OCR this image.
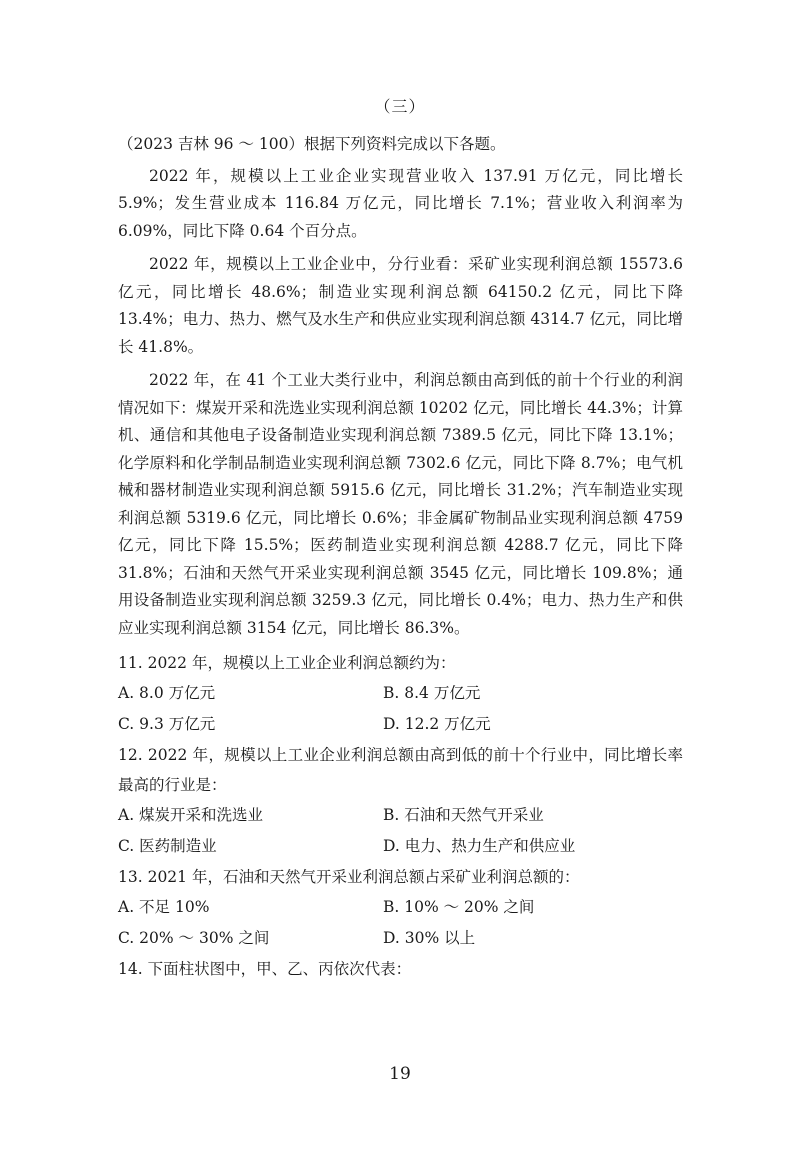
（三）

（2023 吉林 96 ～ 100）根据下列资料完成以下各题。

2022 年，规模以上工业企业实现营业收入 137.91 万亿元，同比增长 5.9%；发生营业成本 116.84 万亿元，同比增长 7.1%；营业收入利润率为 6.09%，同比下降 0.64 个百分点。

2022 年，规模以上工业企业中，分行业看：采矿业实现利润总额 15573.6 亿元，同比增长 48.6%；制造业实现利润总额 64150.2 亿元，同比下降 13.4%；电力、热力、燃气及水生产和供应业实现利润总额 4314.7 亿元，同比增长 41.8%。

2022 年，在 41 个工业大类行业中，利润总额由高到低的前十个行业的利润情况如下：煤炭开采和洗选业实现利润总额 10202 亿元，同比增长 44.3%；计算机、通信和其他电子设备制造业实现利润总额 7389.5 亿元，同比下降 13.1%；化学原料和化学制品制造业实现利润总额 7302.6 亿元，同比下降 8.7%；电气机械和器材制造业实现利润总额 5915.6 亿元，同比增长 31.2%；汽车制造业实现利润总额 5319.6 亿元，同比增长 0.6%；非金属矿物制品业实现利润总额 4759 亿元，同比下降 15.5%；医药制造业实现利润总额 4288.7 亿元，同比下降 31.8%；石油和天然气开采业实现利润总额 3545 亿元，同比增长 109.8%；通用设备制造业实现利润总额 3259.3 亿元，同比增长 0.4%；电力、热力生产和供应业实现利润总额 3154 亿元，同比增长 86.3%。

11. 2022 年，规模以上工业企业利润总额约为：
A. 8.0 万亿元	B. 8.4 万亿元
C. 9.3 万亿元	D. 12.2 万亿元
12. 2022 年，规模以上工业企业利润总额由高到低的前十个行业中，同比增长率最高的行业是：
A. 煤炭开采和洗选业	B. 石油和天然气开采业
C. 医药制造业	D. 电力、热力生产和供应业
13. 2021 年，石油和天然气开采业利润总额占采矿业利润总额的：
A. 不足 10%	B. 10% ～ 20% 之间
C. 20% ～ 30% 之间	D. 30% 以上
14. 下面柱状图中，甲、乙、丙依次代表：
19
